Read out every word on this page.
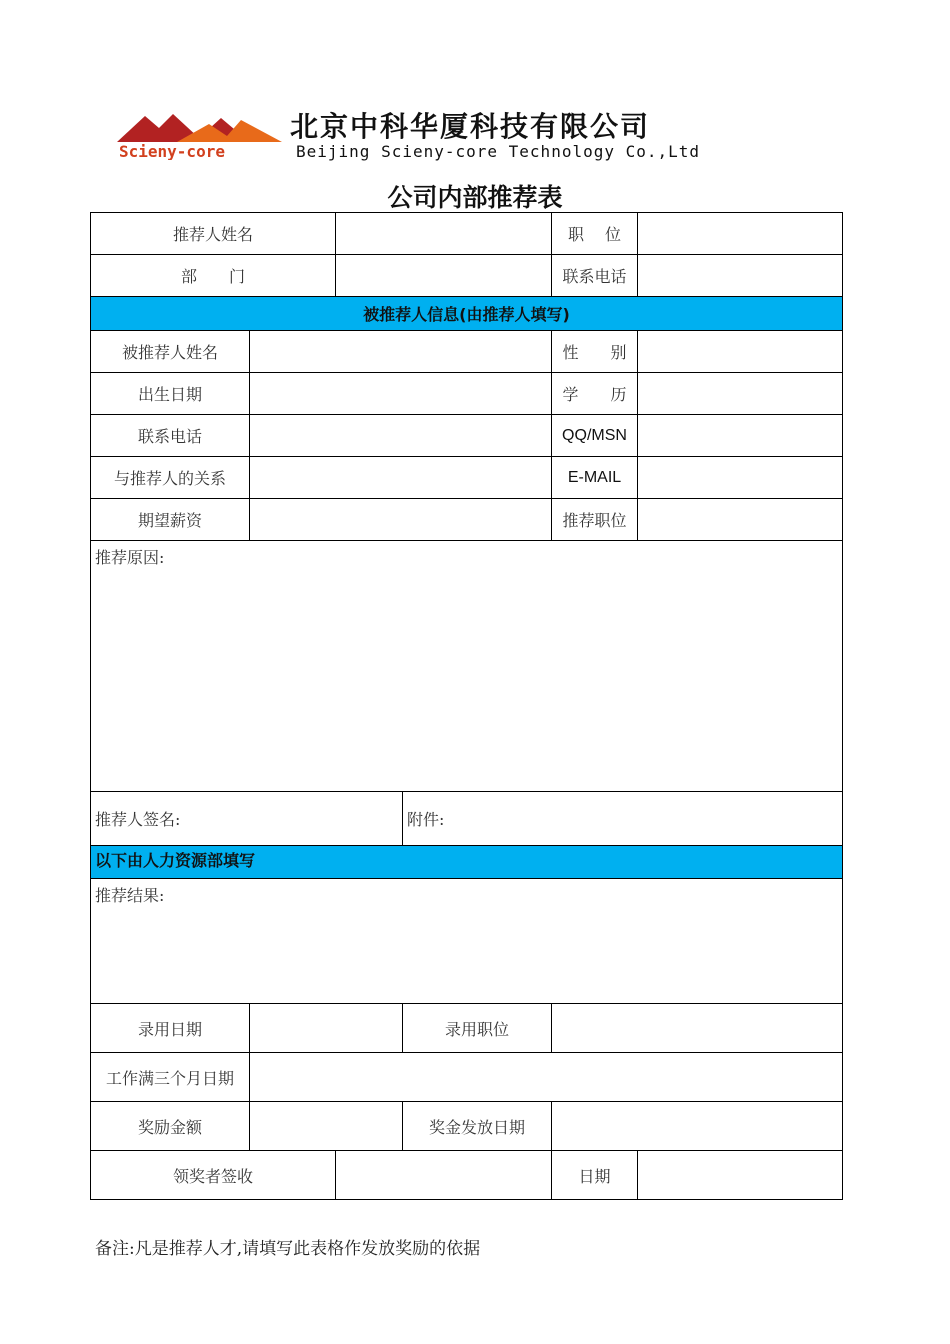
Scieny-core
北京中科华厦科技有限公司
Beijing Scieny-core Technology Co.,Ltd
公司内部推荐表
推荐人姓名	职　 位
部　　门	联系电话
被推荐人信息(由推荐人填写)
被推荐人姓名	性　　别
出生日期	学　　历
联系电话	QQ/MSN
与推荐人的关系	E-MAIL
期望薪资	推荐职位
推荐原因:
推荐人签名:	附件:
以下由人力资源部填写
推荐结果:
录用日期	录用职位
工作满三个月日期
奖励金额	奖金发放日期
领奖者签收	日期
备注:凡是推荐人才,请填写此表格作发放奖励的依据
